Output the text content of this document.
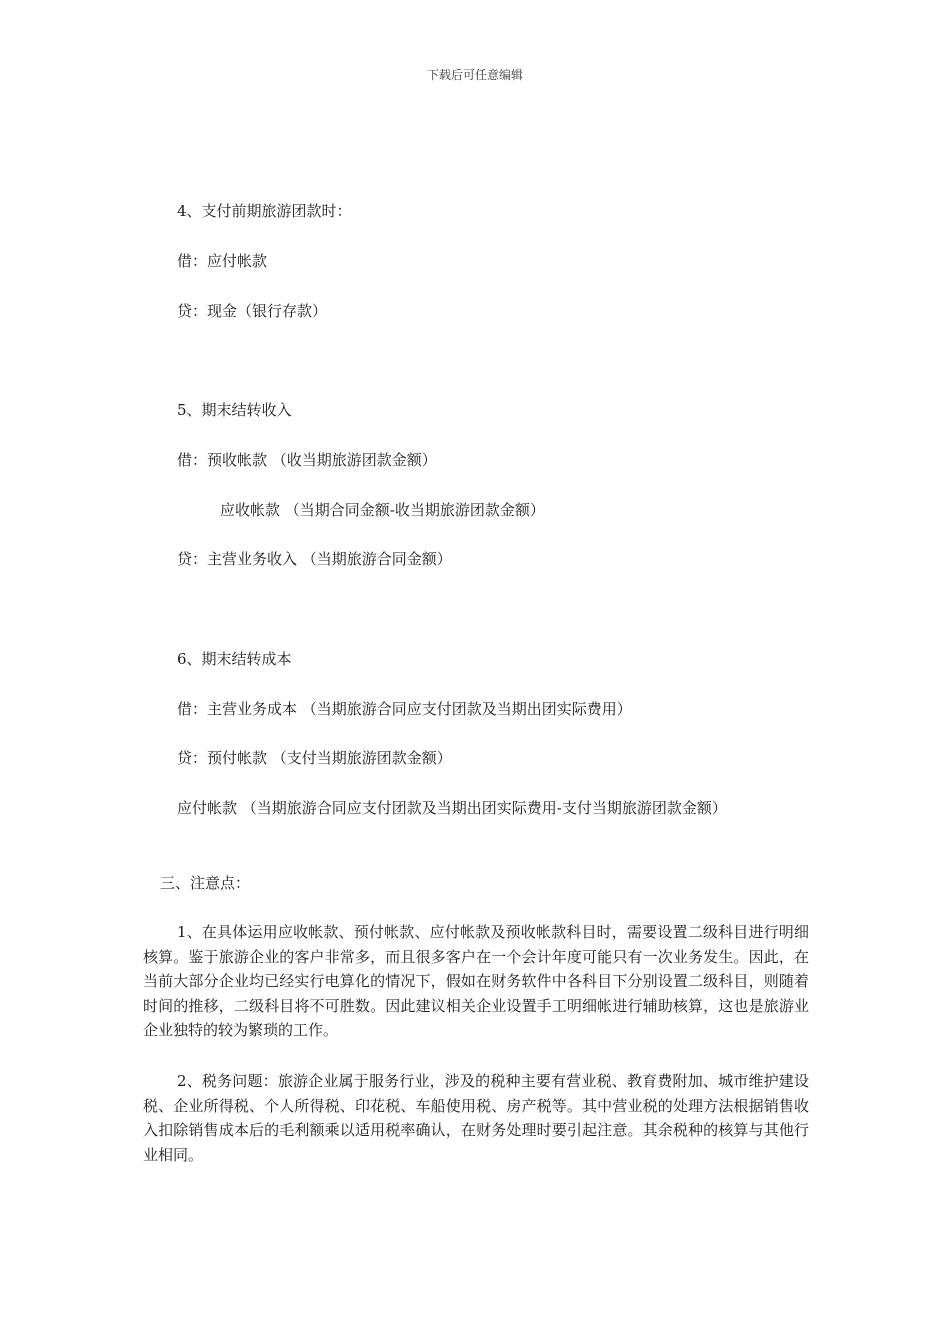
下载后可任意编辑
4、支付前期旅游团款时：
借：应付帐款
贷：现金（银行存款）
5、期末结转收入
借：预收帐款 （收当期旅游团款金额）
应收帐款 （当期合同金额-收当期旅游团款金额）
贷：主营业务收入 （当期旅游合同金额）
6、期末结转成本
借：主营业务成本 （当期旅游合同应支付团款及当期出团实际费用）
贷：预付帐款 （支付当期旅游团款金额）
应付帐款 （当期旅游合同应支付团款及当期出团实际费用-支付当期旅游团款金额）
三、注意点：
1、在具体运用应收帐款、预付帐款、应付帐款及预收帐款科目时，需要设置二级科目进行明细核算。鉴于旅游企业的客户非常多，而且很多客户在一个会计年度可能只有一次业务发生。因此，在当前大部分企业均已经实行电算化的情况下，假如在财务软件中各科目下分别设置二级科目，则随着时间的推移，二级科目将不可胜数。因此建议相关企业设置手工明细帐进行辅助核算，这也是旅游业企业独特的较为繁琐的工作。
2、税务问题：旅游企业属于服务行业，涉及的税种主要有营业税、教育费附加、城市维护建设税、企业所得税、个人所得税、印花税、车船使用税、房产税等。其中营业税的处理方法根据销售收入扣除销售成本后的毛利额乘以适用税率确认，在财务处理时要引起注意。其余税种的核算与其他行业相同。
